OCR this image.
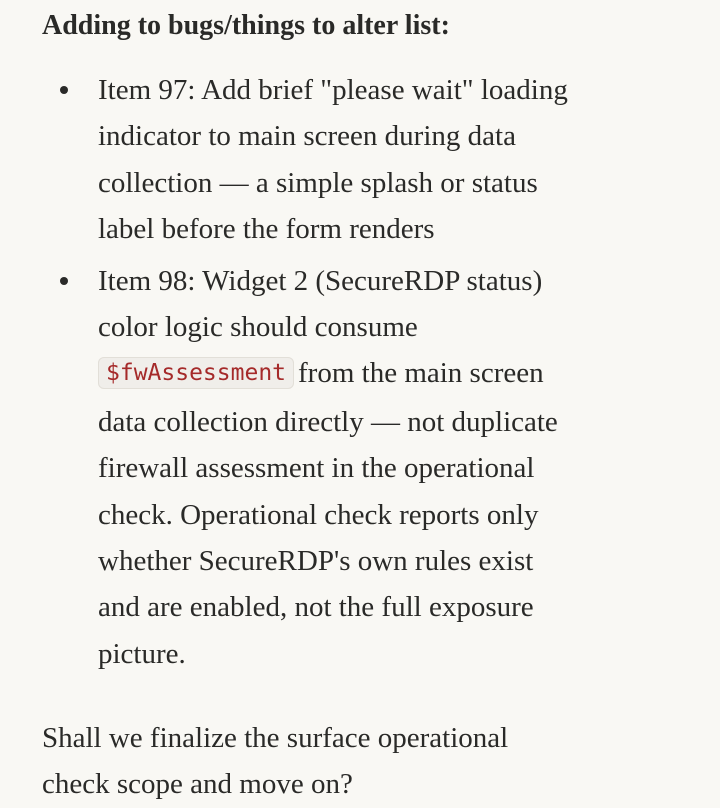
Adding to bugs/things to alter list:

Item 97: Add brief "please wait" loading
indicator to main screen during data
collection — a simple splash or status
label before the form renders
Item 98: Widget 2 (SecureRDP status)
color logic should consume
$fwAssessment from the main screen
data collection directly — not duplicate
firewall assessment in the operational
check. Operational check reports only
whether SecureRDP's own rules exist
and are enabled, not the full exposure
picture.

Shall we finalize the surface operational
check scope and move on?
